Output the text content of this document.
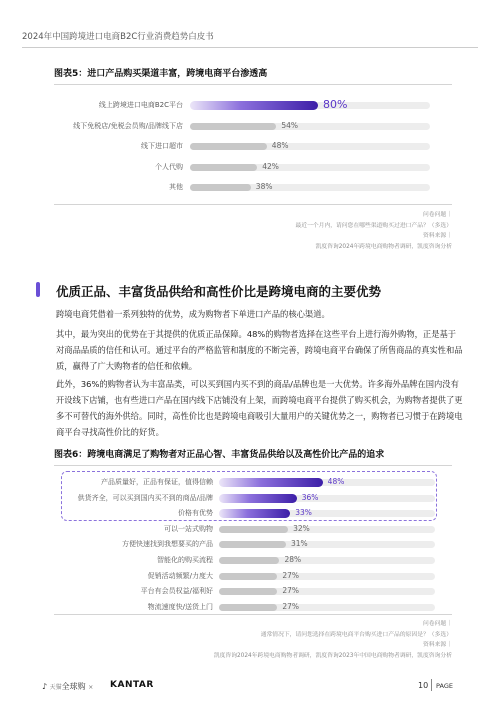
2024年中国跨境进口电商B2C行业消费趋势白皮书
图表5：进口产品购买渠道丰富，跨境电商平台渗透高
线上跨境进口电商B2C平台	80%
线下免税店/免税会员购/品牌线下店	54%
线下进口超市	48%
个人代购	42%
其他	38%
问卷问题｜
最近一个月内，请问您在哪些渠道购买过进口产品？（多选）
资料来源｜
凯度咨询2024年跨境电商购物者调研，凯度咨询分析
优质正品、丰富货品供给和高性价比是跨境电商的主要优势
跨境电商凭借着一系列独特的优势，成为购物者下单进口产品的核心渠道。
其中，最为突出的优势在于其提供的优质正品保障。48%的购物者选择在这些平台上进行海外购物，正是基于对商品品质的信任和认可。通过平台的严格监管和制度的不断完善，跨境电商平台确保了所售商品的真实性和品质，赢得了广大购物者的信任和依赖。
此外，36%的购物者认为丰富品类，可以买到国内买不到的商品/品牌也是一大优势。许多海外品牌在国内没有开设线下店铺，也有些进口产品在国内线下店铺没有上架，而跨境电商平台提供了购买机会，为购物者提供了更多不可替代的海外供给。同时，高性价比也是跨境电商吸引大量用户的关键优势之一，购物者已习惯于在跨境电商平台寻找高性价比的好货。
图表6：跨境电商满足了购物者对正品心智、丰富货品供给以及高性价比产品的追求
产品质量好，正品有保证，值得信赖	48%
供货齐全，可以买到国内买不到的商品/品牌	36%
价格有优势	33%
可以一站式购物	32%
方便快速找到我想要买的产品	31%
智能化的购买流程	28%
促销活动频繁/力度大	27%
平台有会员权益/福利好	27%
物流速度快/送货上门	27%
问卷问题｜
通常情况下，请问您选择在跨境电商平台购买进口产品的原因是？（多选）
资料来源｜
凯度咨询2024年跨境电商购物者调研，凯度咨询2023年中国电商购物者调研，凯度咨询分析
♪ 天猫全球购 × KANTAR	10 PAGE
